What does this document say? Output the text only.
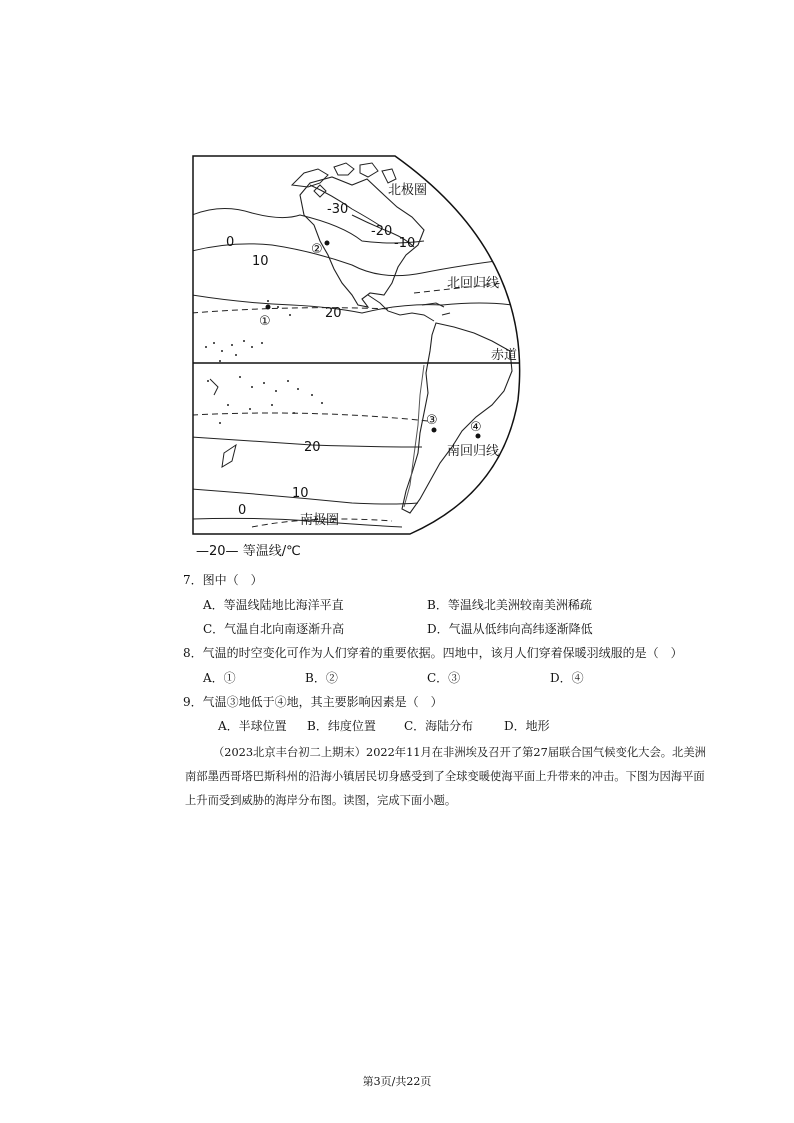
北极圈
-30
-20
-10
0
10
北回归线
20
赤道
20	南回归线
10
0
南极圈
①
②
③ ④
—20— 等温线/℃
7．图中（　）
A．等温线陆地比海洋平直	B．等温线北美洲较南美洲稀疏
C．气温自北向南逐渐升高	D．气温从低纬向高纬逐渐降低
8．气温的时空变化可作为人们穿着的重要依据。四地中，该月人们穿着保暖羽绒服的是（　）
A．①	B．②	C．③	D．④
9．气温③地低于④地，其主要影响因素是（　）
A．半球位置 B．纬度位置 C．海陆分布	D．地形
（2023北京丰台初二上期末）2022年11月在非洲埃及召开了第27届联合国气候变化大会。北美洲
南部墨西哥塔巴斯科州的沿海小镇居民切身感受到了全球变暖使海平面上升带来的冲击。下图为因海平面
上升而受到威胁的海岸分布图。读图，完成下面小题。
第3页/共22页
